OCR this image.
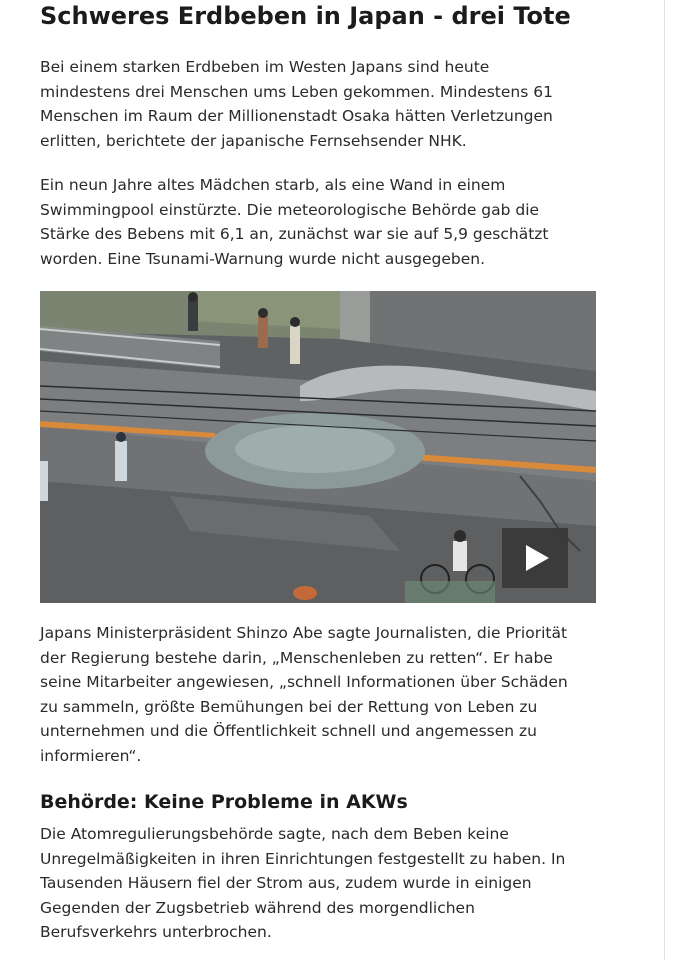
Schweres Erdbeben in Japan - drei Tote

Bei einem starken Erdbeben im Westen Japans sind heute
mindestens drei Menschen ums Leben gekommen. Mindestens 61
Menschen im Raum der Millionenstadt Osaka hätten Verletzungen
erlitten, berichtete der japanische Fernsehsender NHK.

Ein neun Jahre altes Mädchen starb, als eine Wand in einem
Swimmingpool einstürzte. Die meteorologische Behörde gab die
Stärke des Bebens mit 6,1 an, zunächst war sie auf 5,9 geschätzt
worden. Eine Tsunami-Warnung wurde nicht ausgegeben.

Japans Ministerpräsident Shinzo Abe sagte Journalisten, die Priorität
der Regierung bestehe darin, „Menschenleben zu retten“. Er habe
seine Mitarbeiter angewiesen, „schnell Informationen über Schäden
zu sammeln, größte Bemühungen bei der Rettung von Leben zu
unternehmen und die Öffentlichkeit schnell und angemessen zu
informieren“.

Behörde: Keine Probleme in AKWs

Die Atomregulierungsbehörde sagte, nach dem Beben keine
Unregelmäßigkeiten in ihren Einrichtungen festgestellt zu haben. In
Tausenden Häusern fiel der Strom aus, zudem wurde in einigen
Gegenden der Zugsbetrieb während des morgendlichen
Berufsverkehrs unterbrochen.
